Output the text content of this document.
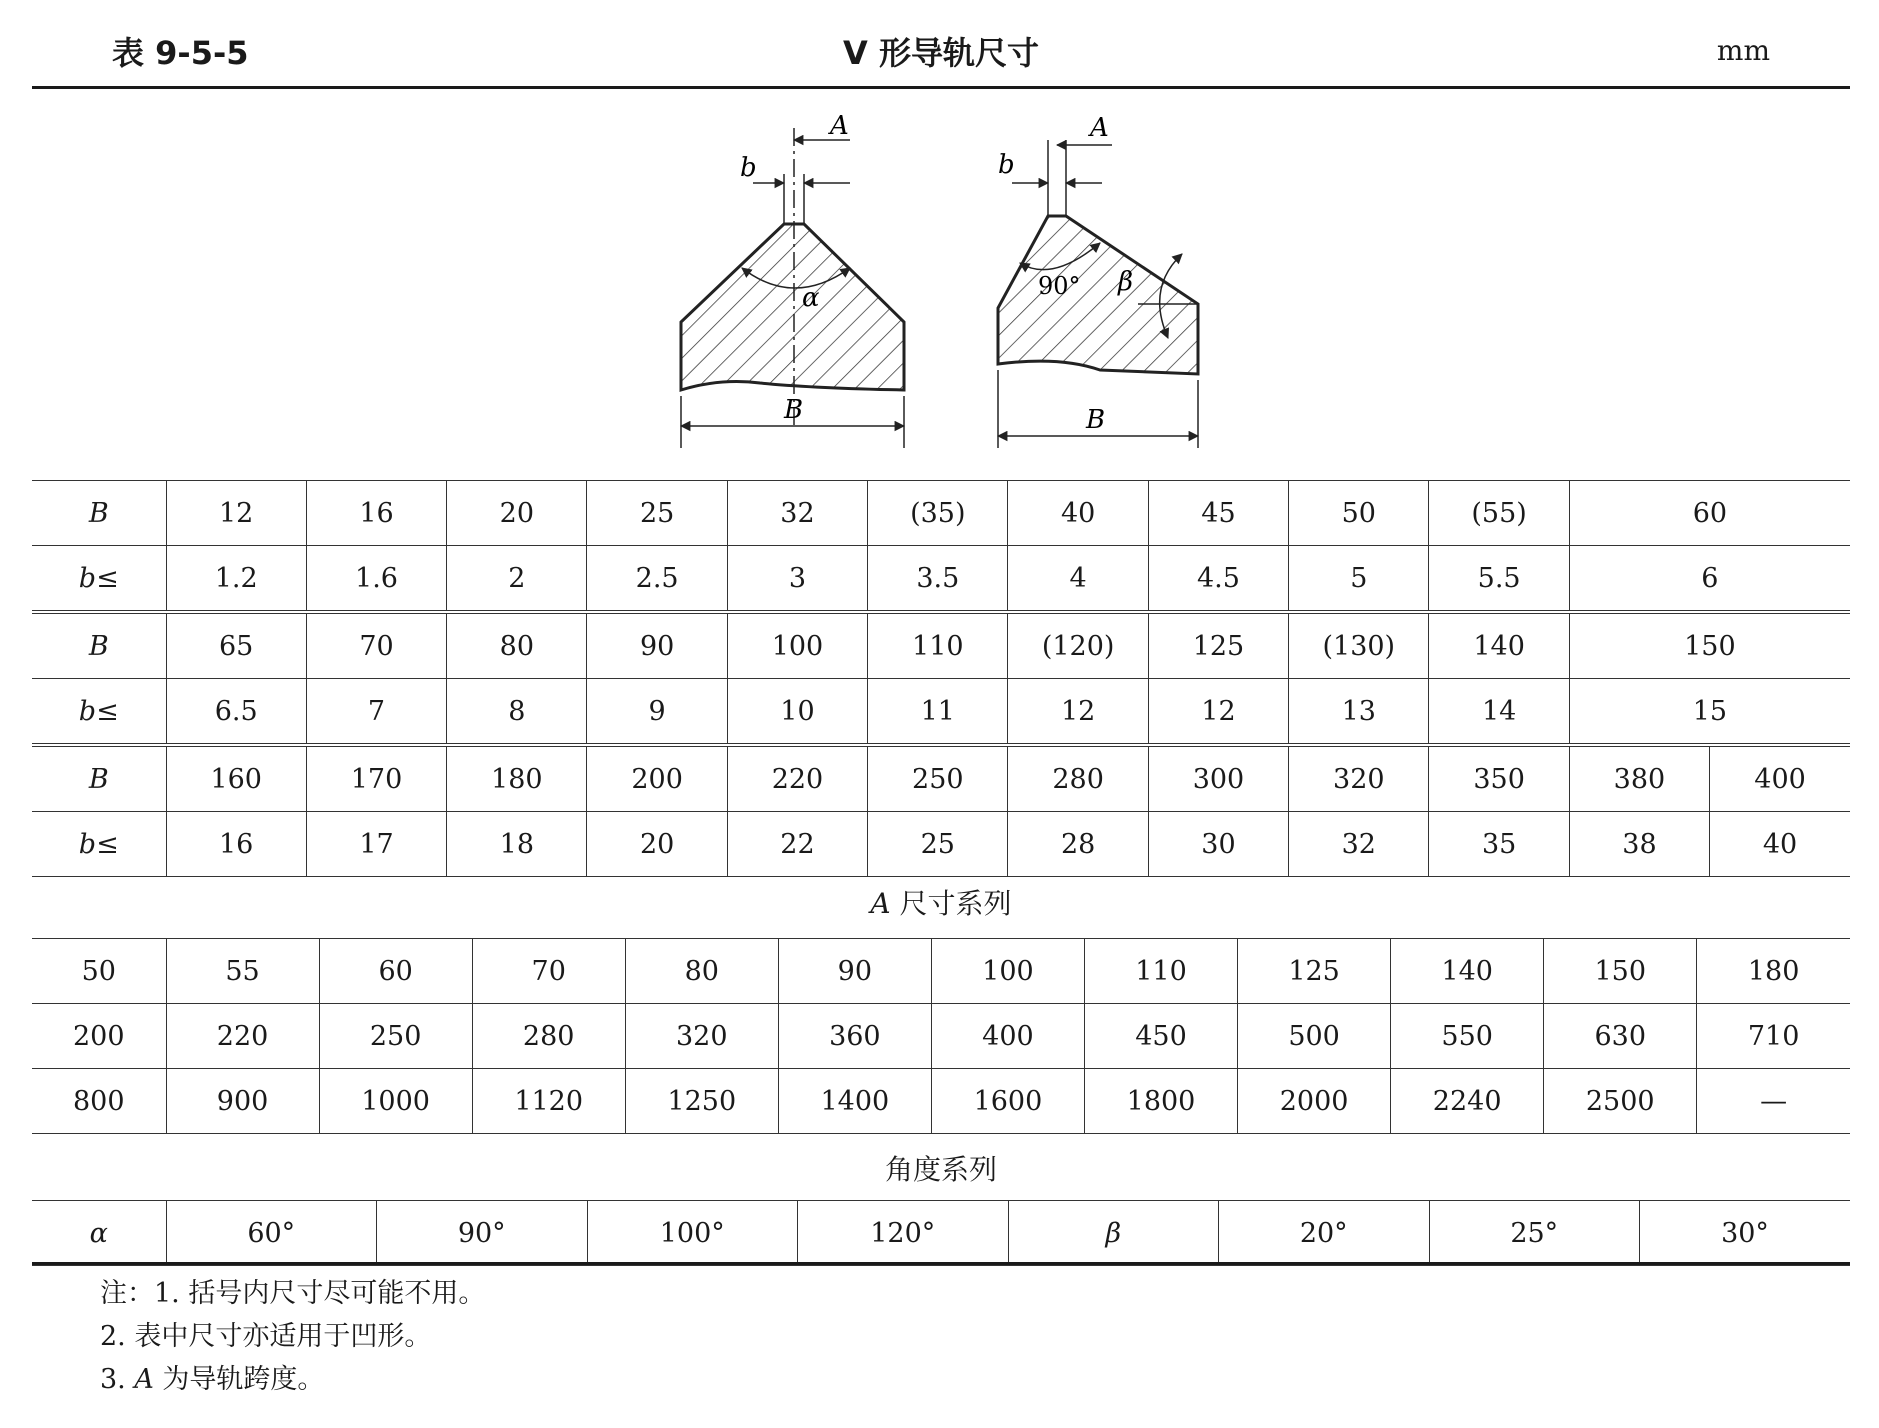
表 9-5-5	V 形导轨尺寸	mm
A
b
α
B
A
b
90° β
B
B	12	16	20	25	32	(35)	40	45	50	(55)	60	
b≤	1.2	1.6	2	2.5	3	3.5	4	4.5	5	5.5	6	
B	65	70	80	90	100	110	(120)	125	(130)	140	150	
b≤	6.5	7	8	9	10	11	12	12	13	14	15	
B	160	170	180	200	220	250	280	300	320	350	380	400
b≤	16	17	18	20	22	25	28	30	32	35	38	40
A 尺寸系列
50	55	60	70	80	90	100	110	125	140	150	180
200	220	250	280	320	360	400	450	500	550	630	710
800	900	1000	1120	1250	1400	1600	1800	2000	2240	2500	—
角度系列
α	60°	90°	100°	120°	β	20°	25°	30°
注：1. 括号内尺寸尽可能不用。
2. 表中尺寸亦适用于凹形。
3. A 为导轨跨度。
